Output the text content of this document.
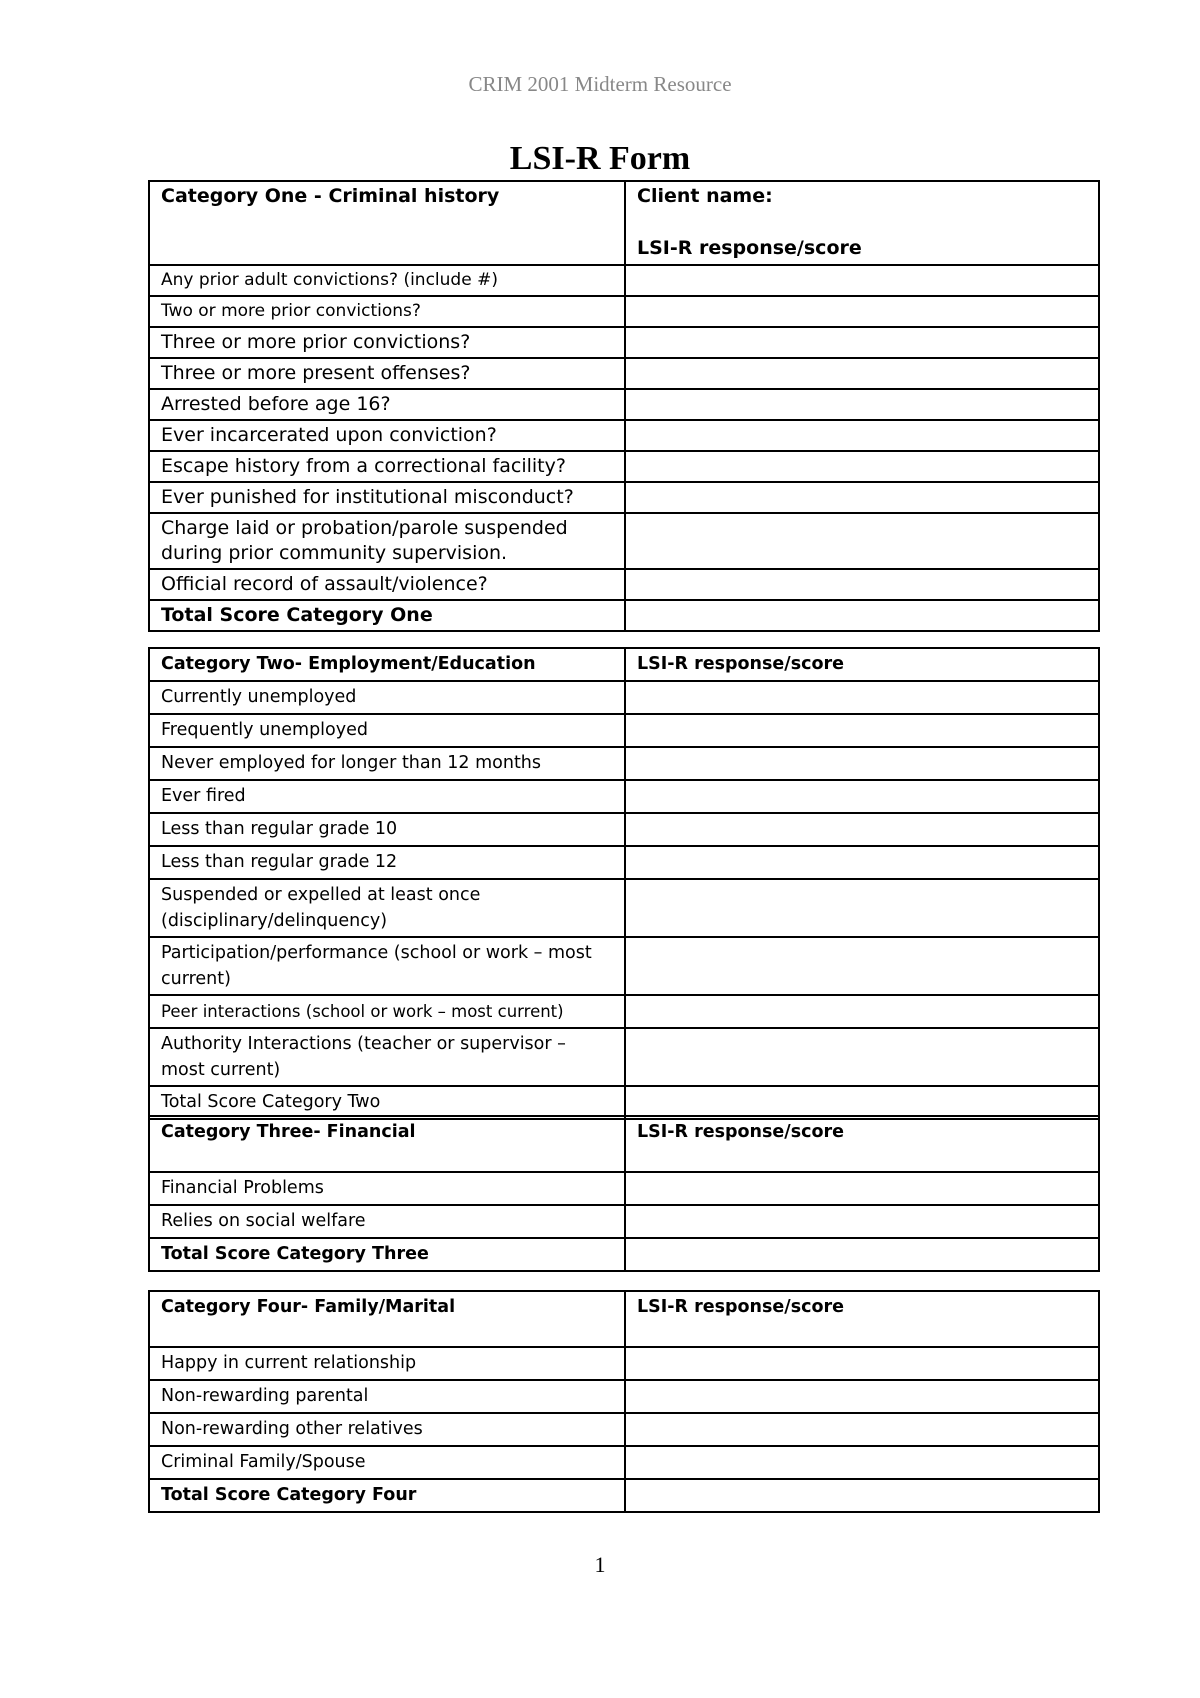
CRIM 2001 Midterm Resource
LSI-R Form
Category One - Criminal history	Client name:
LSI-R response/score

Any prior adult convictions? (include #)	
Two or more prior convictions?	
Three or more prior convictions?	
Three or more present offenses?	
Arrested before age 16?	
Ever incarcerated upon conviction?	
Escape history from a correctional facility?	
Ever punished for institutional misconduct?	
Charge laid or probation/parole suspended during prior community supervision.	
Official record of assault/violence?	
Total Score Category One	
Category Two- Employment/Education	LSI-R response/score
Currently unemployed	
Frequently unemployed	
Never employed for longer than 12 months	
Ever fired	
Less than regular grade 10	
Less than regular grade 12	
Suspended or expelled at least once (disciplinary/delinquency)	
Participation/performance (school or work – most current)	
Peer interactions (school or work – most current)	
Authority Interactions (teacher or supervisor – most current)	
Total Score Category Two	
Category Three- Financial	LSI-R response/score
Financial Problems	
Relies on social welfare	
Total Score Category Three	
Category Four- Family/Marital	LSI-R response/score
Happy in current relationship	
Non-rewarding parental	
Non-rewarding other relatives	
Criminal Family/Spouse	
Total Score Category Four	
1
